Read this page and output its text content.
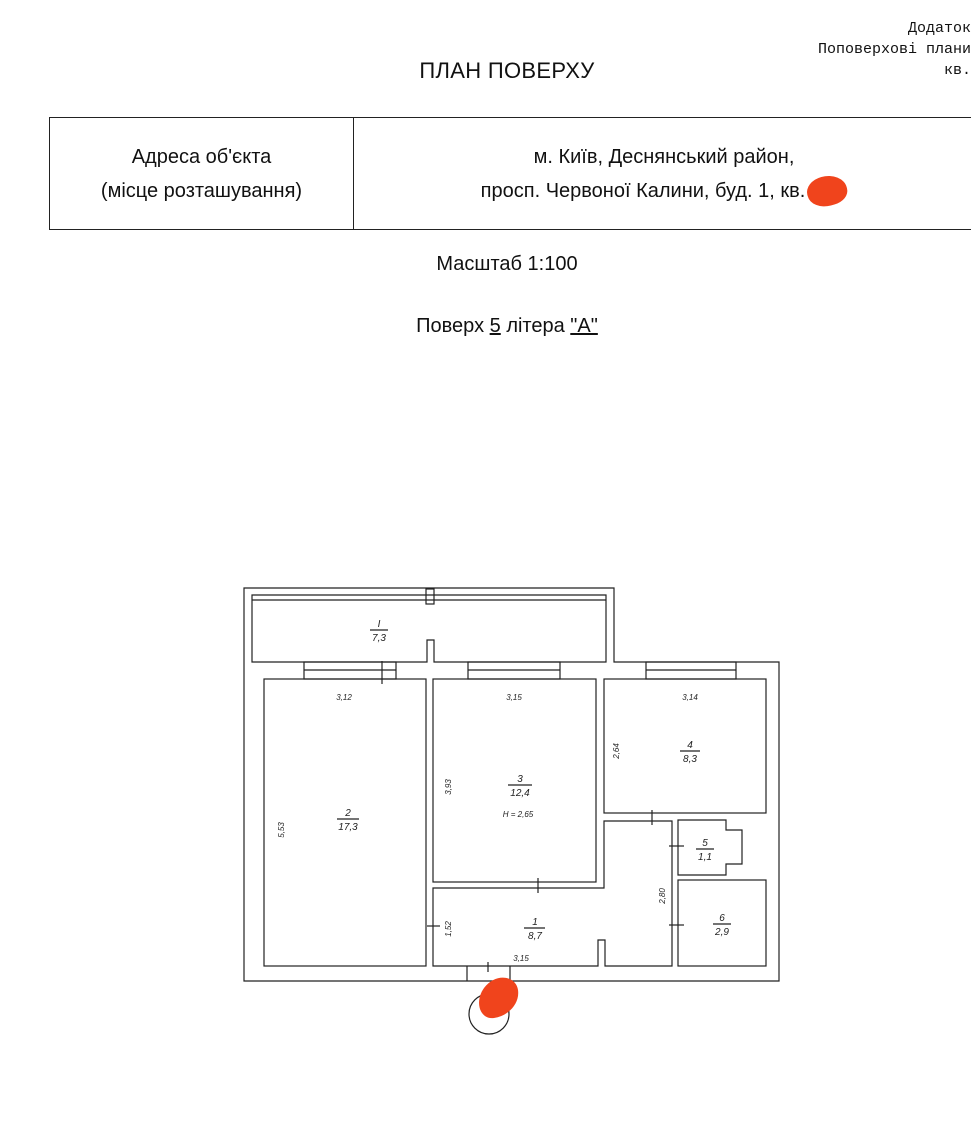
Додаток
Поповерхові плани
кв.
ПЛАН ПОВЕРХУ
Адреса об'єкта
(місце розташування)
м. Київ, Деснянський район,
просп. Червоної Калини, буд. 1, кв.
Масштаб 1:100
Поверх 5 літера "А"
I
7,3
2
17,3
3
12,4
H = 2,65
4
8,3
5
1,1
6
2,9
1
8,7
3,12	3,15	3,14
3,15
5,53
3,93
2,64
1,52
2,80
